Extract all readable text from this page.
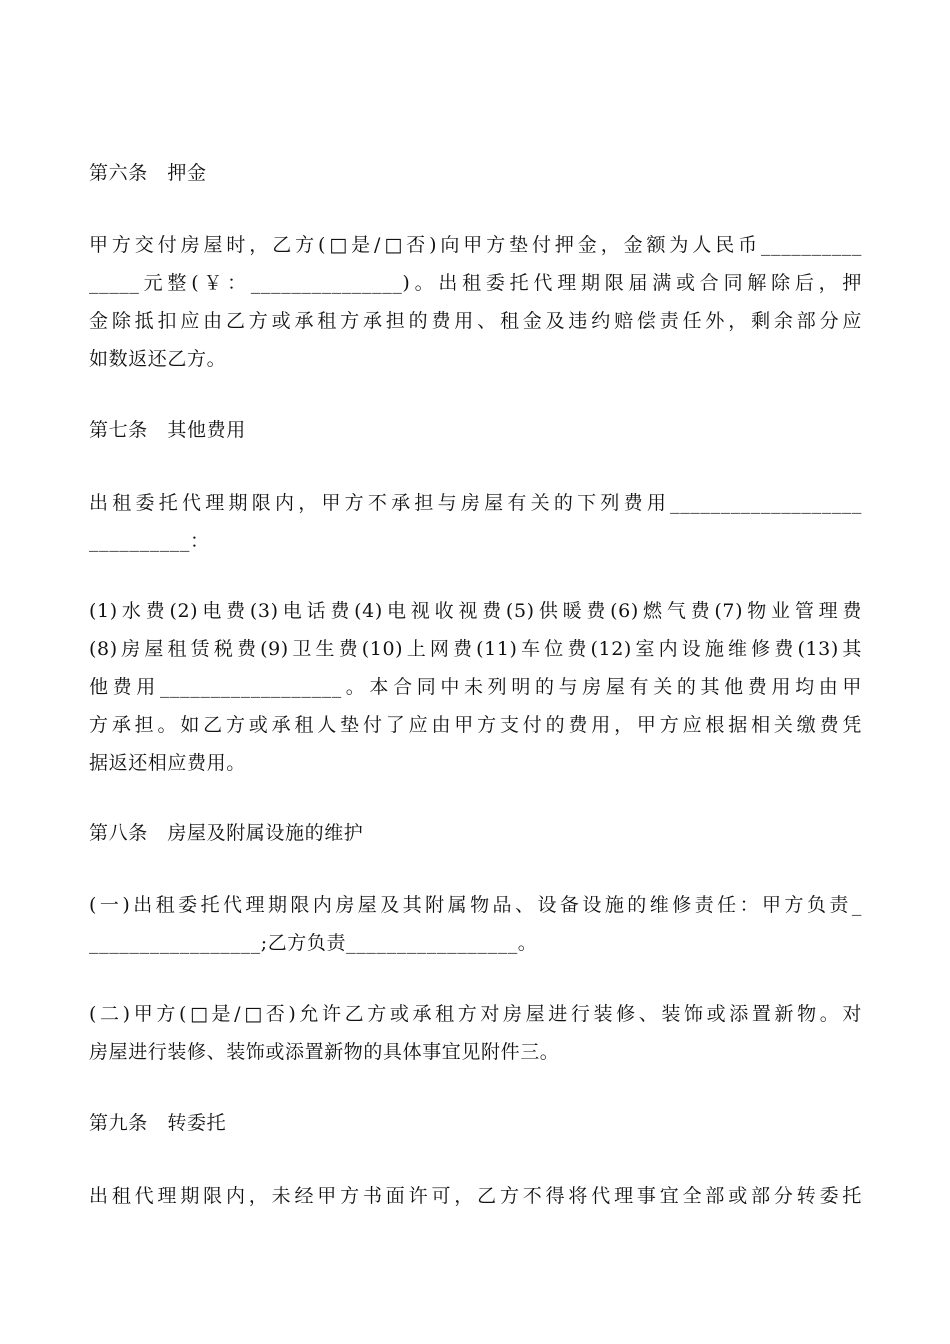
第六条　押金
甲方交付房屋时，乙方(□是/□否)向甲方垫付押金，金额为人民币__________
_____元整(￥：_______________)。出租委托代理期限届满或合同解除后，押
金除抵扣应由乙方或承租方承担的费用、租金及违约赔偿责任外，剩余部分应
如数返还乙方。
第七条　其他费用
出租委托代理期限内，甲方不承担与房屋有关的下列费用___________________
__________：
(1)水费(2)电费(3)电话费(4)电视收视费(5)供暖费(6)燃气费(7)物业管理费
(8)房屋租赁税费(9)卫生费(10)上网费(11)车位费(12)室内设施维修费(13)其
他费用__________________。本合同中未列明的与房屋有关的其他费用均由甲
方承担。如乙方或承租人垫付了应由甲方支付的费用，甲方应根据相关缴费凭
据返还相应费用。
第八条　房屋及附属设施的维护
(一)出租委托代理期限内房屋及其附属物品、设备设施的维修责任：甲方负责_
_________________;乙方负责_________________。
(二)甲方(□是/□否)允许乙方或承租方对房屋进行装修、装饰或添置新物。对
房屋进行装修、装饰或添置新物的具体事宜见附件三。
第九条　转委托
出租代理期限内，未经甲方书面许可，乙方不得将代理事宜全部或部分转委托
